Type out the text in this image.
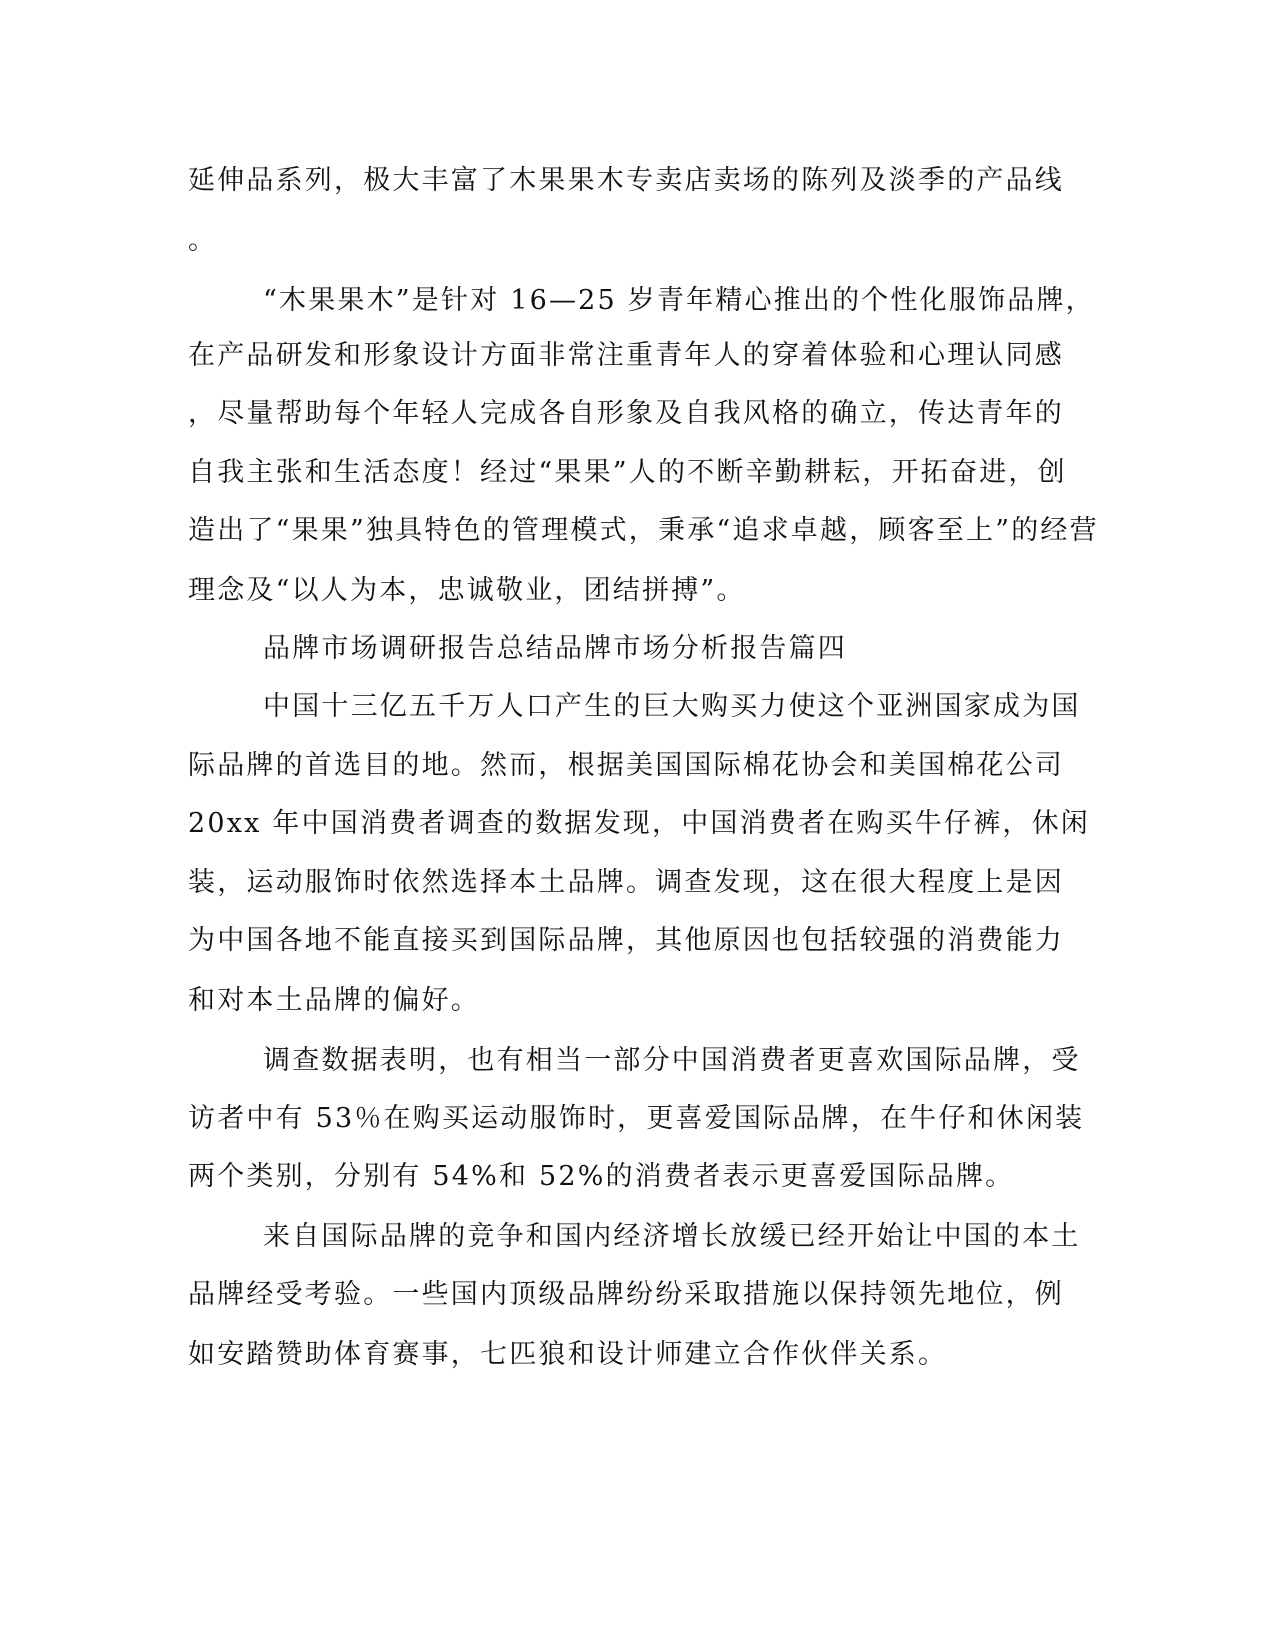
延伸品系列，极大丰富了木果果木专卖店卖场的陈列及淡季的产品线
。
“木果果木”是针对 16—25 岁青年精心推出的个性化服饰品牌，
在产品研发和形象设计方面非常注重青年人的穿着体验和心理认同感
，尽量帮助每个年轻人完成各自形象及自我风格的确立，传达青年的
自我主张和生活态度！经过“果果”人的不断辛勤耕耘，开拓奋进，创
造出了“果果”独具特色的管理模式，秉承“追求卓越，顾客至上”的经营
理念及“以人为本，忠诚敬业，团结拼搏”。
品牌市场调研报告总结品牌市场分析报告篇四
中国十三亿五千万人口产生的巨大购买力使这个亚洲国家成为国
际品牌的首选目的地。然而，根据美国国际棉花协会和美国棉花公司
20xx 年中国消费者调查的数据发现，中国消费者在购买牛仔裤，休闲
装，运动服饰时依然选择本土品牌。调查发现，这在很大程度上是因
为中国各地不能直接买到国际品牌，其他原因也包括较强的消费能力
和对本土品牌的偏好。
调查数据表明，也有相当一部分中国消费者更喜欢国际品牌，受
访者中有 53％在购买运动服饰时，更喜爱国际品牌，在牛仔和休闲装
两个类别，分别有 54%和 52%的消费者表示更喜爱国际品牌。
来自国际品牌的竞争和国内经济增长放缓已经开始让中国的本土
品牌经受考验。一些国内顶级品牌纷纷采取措施以保持领先地位，例
如安踏赞助体育赛事，七匹狼和设计师建立合作伙伴关系。
